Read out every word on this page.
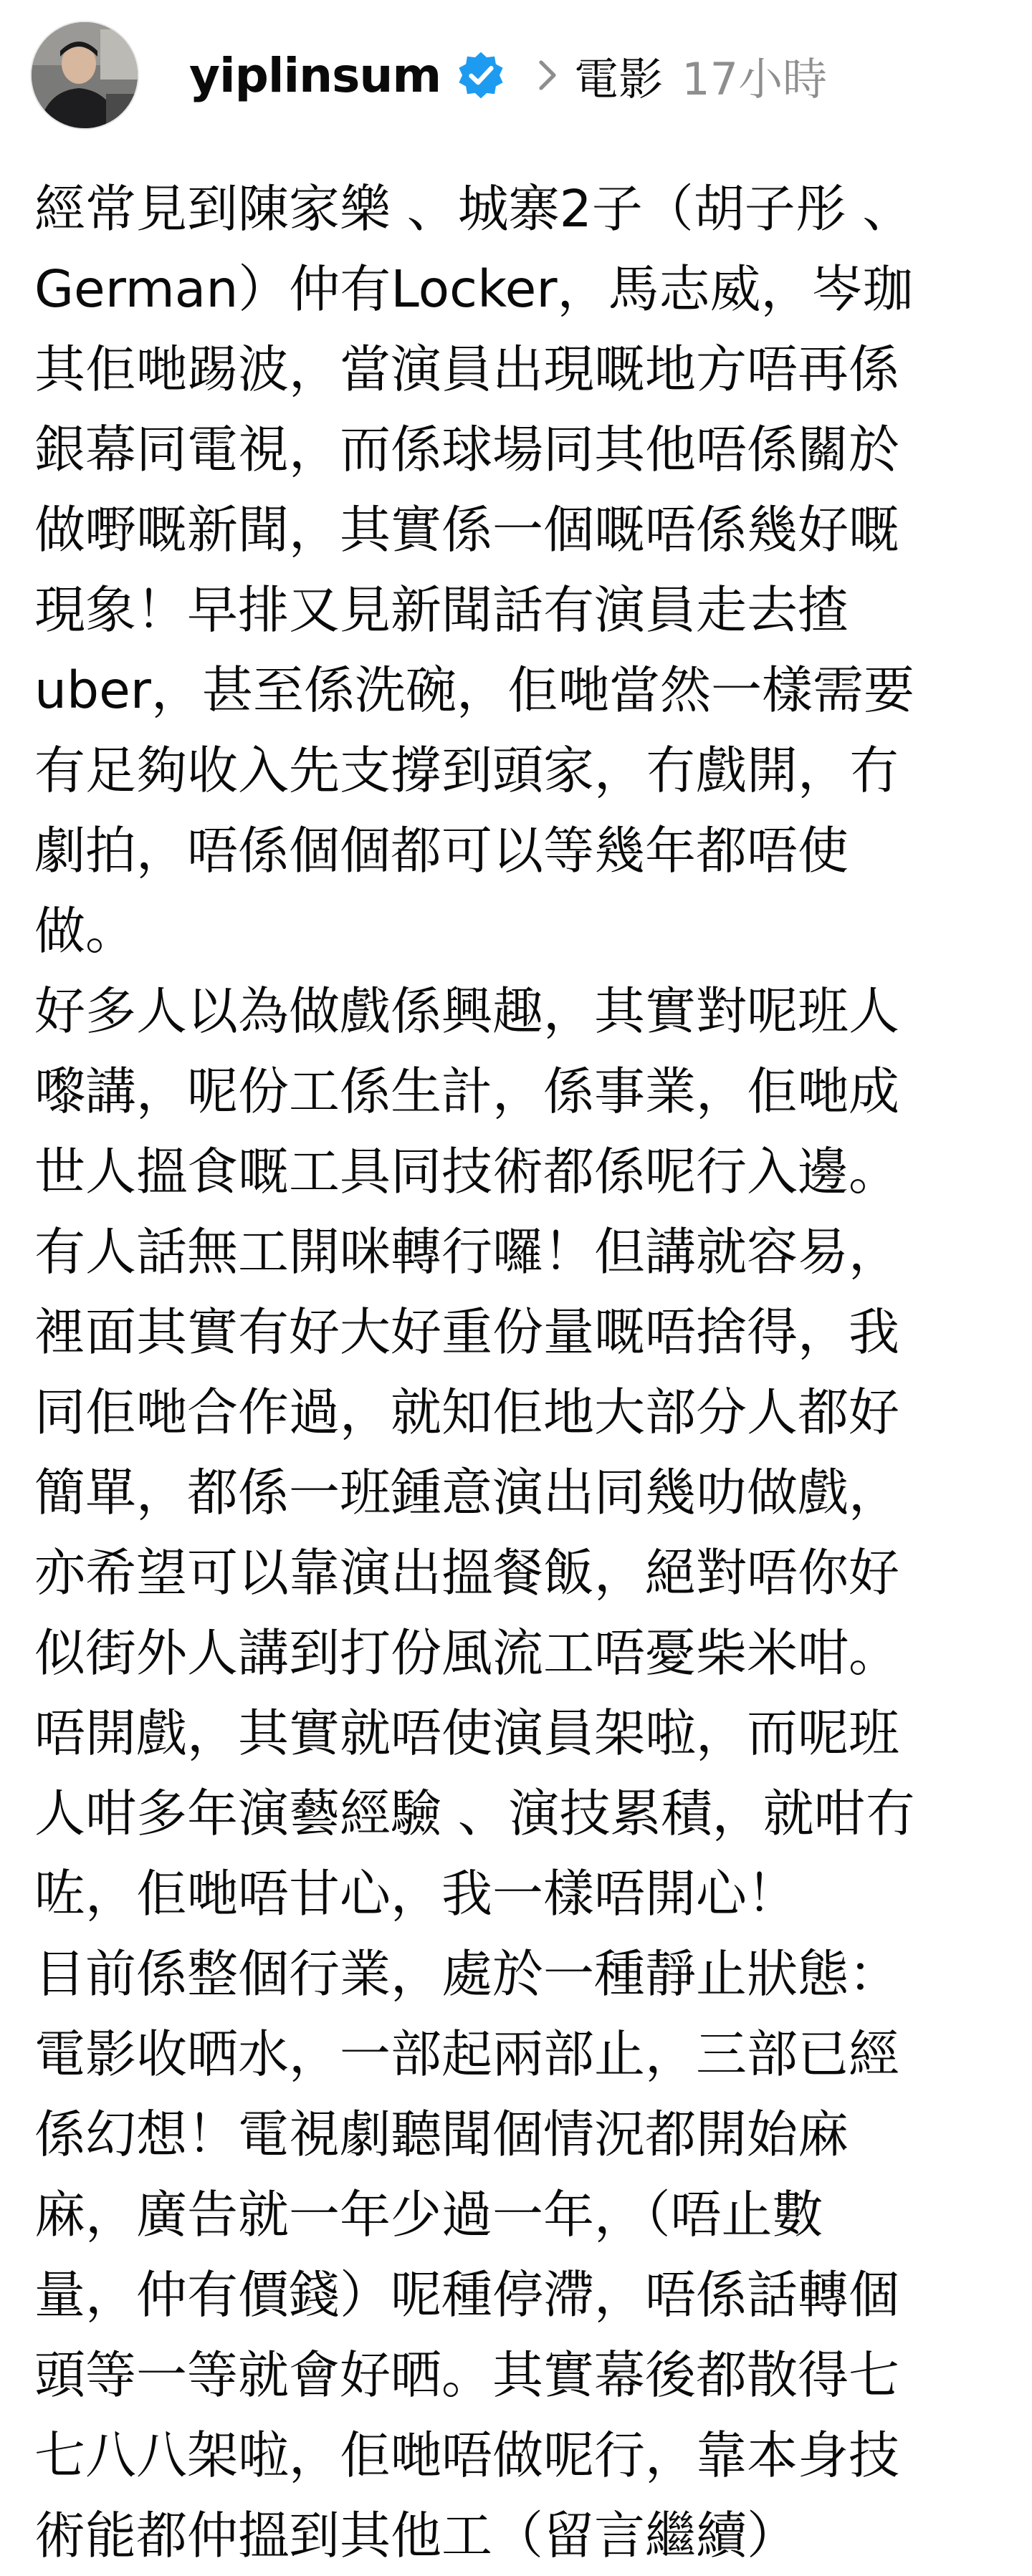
yiplinsum	電影 17小時
經常見到陳家樂 、城寨2子（胡子彤 、
German）仲有Locker，馬志威，岑珈
其佢哋踢波，當演員出現嘅地方唔再係
銀幕同電視，而係球場同其他唔係關於
做嘢嘅新聞，其實係一個嘅唔係幾好嘅
現象！早排又見新聞話有演員走去揸
uber，甚至係洗碗，佢哋當然一樣需要
有足夠收入先支撐到頭家，冇戲開，冇
劇拍，唔係個個都可以等幾年都唔使
做。
好多人以為做戲係興趣，其實對呢班人
嚟講，呢份工係生計，係事業，佢哋成
世人搵食嘅工具同技術都係呢行入邊。
有人話無工開咪轉行囉！但講就容易，
裡面其實有好大好重份量嘅唔捨得，我
同佢哋合作過，就知佢地大部分人都好
簡單，都係一班鍾意演出同幾叻做戲，
亦希望可以靠演出搵餐飯，絕對唔你好
似街外人講到打份風流工唔憂柴米咁。
唔開戲，其實就唔使演員架啦，而呢班
人咁多年演藝經驗 、演技累積，就咁冇
咗，佢哋唔甘心，我一樣唔開心！
目前係整個行業，處於一種靜止狀態：
電影收晒水，一部起兩部止，三部已經
係幻想！電視劇聽聞個情況都開始麻
麻，廣告就一年少過一年，（唔止數
量，仲有價錢）呢種停滯，唔係話轉個
頭等一等就會好晒。其實幕後都散得七
七八八架啦，佢哋唔做呢行，靠本身技
術能都仲搵到其他工（留言繼續）
